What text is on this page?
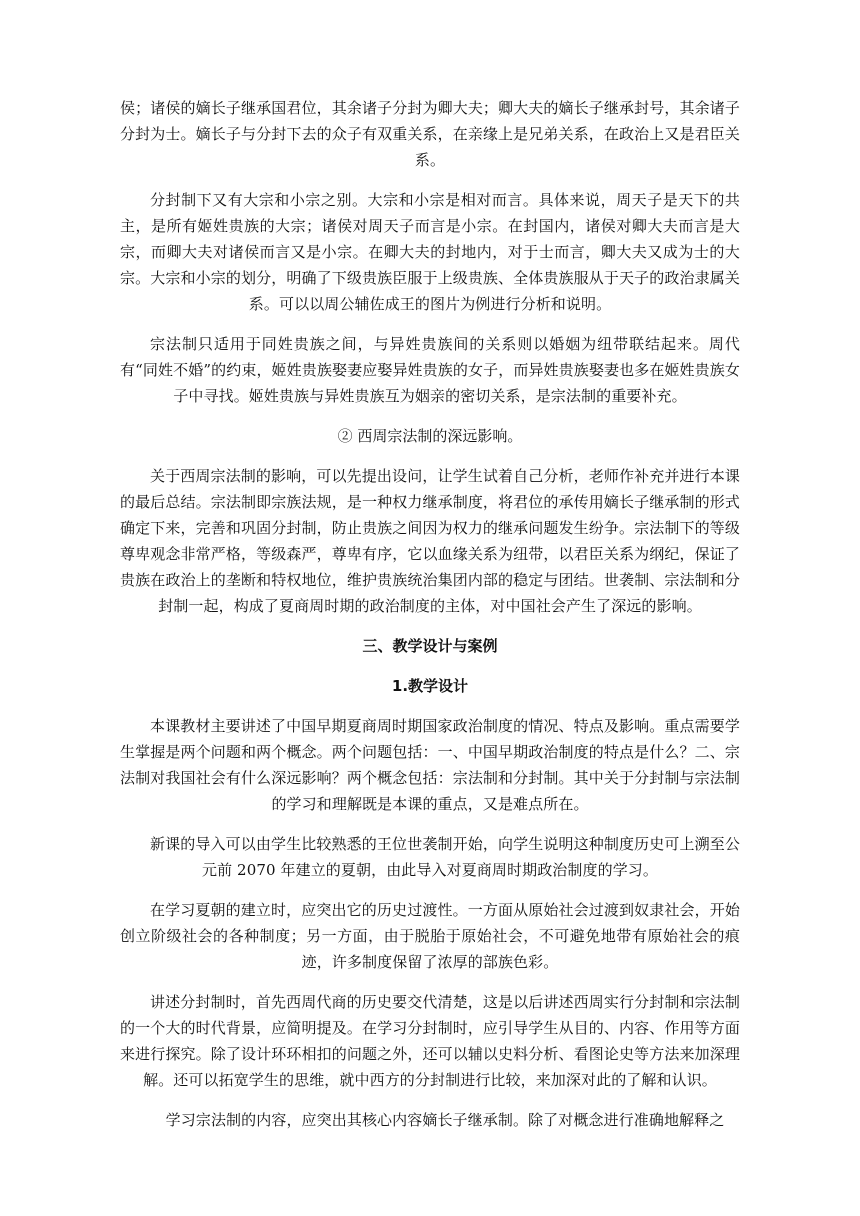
侯；诸侯的嫡长子继承国君位，其余诸子分封为卿大夫；卿大夫的嫡长子继承封号，其余诸子分封为士。嫡长子与分封下去的众子有双重关系，在亲缘上是兄弟关系，在政治上又是君臣关系。

分封制下又有大宗和小宗之别。大宗和小宗是相对而言。具体来说，周天子是天下的共主，是所有姬姓贵族的大宗；诸侯对周天子而言是小宗。在封国内，诸侯对卿大夫而言是大宗，而卿大夫对诸侯而言又是小宗。在卿大夫的封地内，对于士而言，卿大夫又成为士的大宗。大宗和小宗的划分，明确了下级贵族臣服于上级贵族、全体贵族服从于天子的政治隶属关系。可以以周公辅佐成王的图片为例进行分析和说明。

宗法制只适用于同姓贵族之间，与异姓贵族间的关系则以婚姻为纽带联结起来。周代有“同姓不婚”的约束，姬姓贵族娶妻应娶异姓贵族的女子，而异姓贵族娶妻也多在姬姓贵族女子中寻找。姬姓贵族与异姓贵族互为姻亲的密切关系，是宗法制的重要补充。

② 西周宗法制的深远影响。

关于西周宗法制的影响，可以先提出设问，让学生试着自己分析，老师作补充并进行本课的最后总结。宗法制即宗族法规，是一种权力继承制度，将君位的承传用嫡长子继承制的形式确定下来，完善和巩固分封制，防止贵族之间因为权力的继承问题发生纷争。宗法制下的等级尊卑观念非常严格，等级森严，尊卑有序，它以血缘关系为纽带，以君臣关系为纲纪，保证了贵族在政治上的垄断和特权地位，维护贵族统治集团内部的稳定与团结。世袭制、宗法制和分封制一起，构成了夏商周时期的政治制度的主体，对中国社会产生了深远的影响。

三、教学设计与案例

1.教学设计

本课教材主要讲述了中国早期夏商周时期国家政治制度的情况、特点及影响。重点需要学生掌握是两个问题和两个概念。两个问题包括：一、中国早期政治制度的特点是什么？二、宗法制对我国社会有什么深远影响？两个概念包括：宗法制和分封制。其中关于分封制与宗法制的学习和理解既是本课的重点，又是难点所在。

新课的导入可以由学生比较熟悉的王位世袭制开始，向学生说明这种制度历史可上溯至公元前 2070 年建立的夏朝，由此导入对夏商周时期政治制度的学习。

在学习夏朝的建立时，应突出它的历史过渡性。一方面从原始社会过渡到奴隶社会，开始创立阶级社会的各种制度；另一方面，由于脱胎于原始社会，不可避免地带有原始社会的痕迹，许多制度保留了浓厚的部族色彩。

讲述分封制时，首先西周代商的历史要交代清楚，这是以后讲述西周实行分封制和宗法制的一个大的时代背景，应简明提及。在学习分封制时，应引导学生从目的、内容、作用等方面来进行探究。除了设计环环相扣的问题之外，还可以辅以史料分析、看图论史等方法来加深理解。还可以拓宽学生的思维，就中西方的分封制进行比较，来加深对此的了解和认识。

学习宗法制的内容，应突出其核心内容嫡长子继承制。除了对概念进行准确地解释之
